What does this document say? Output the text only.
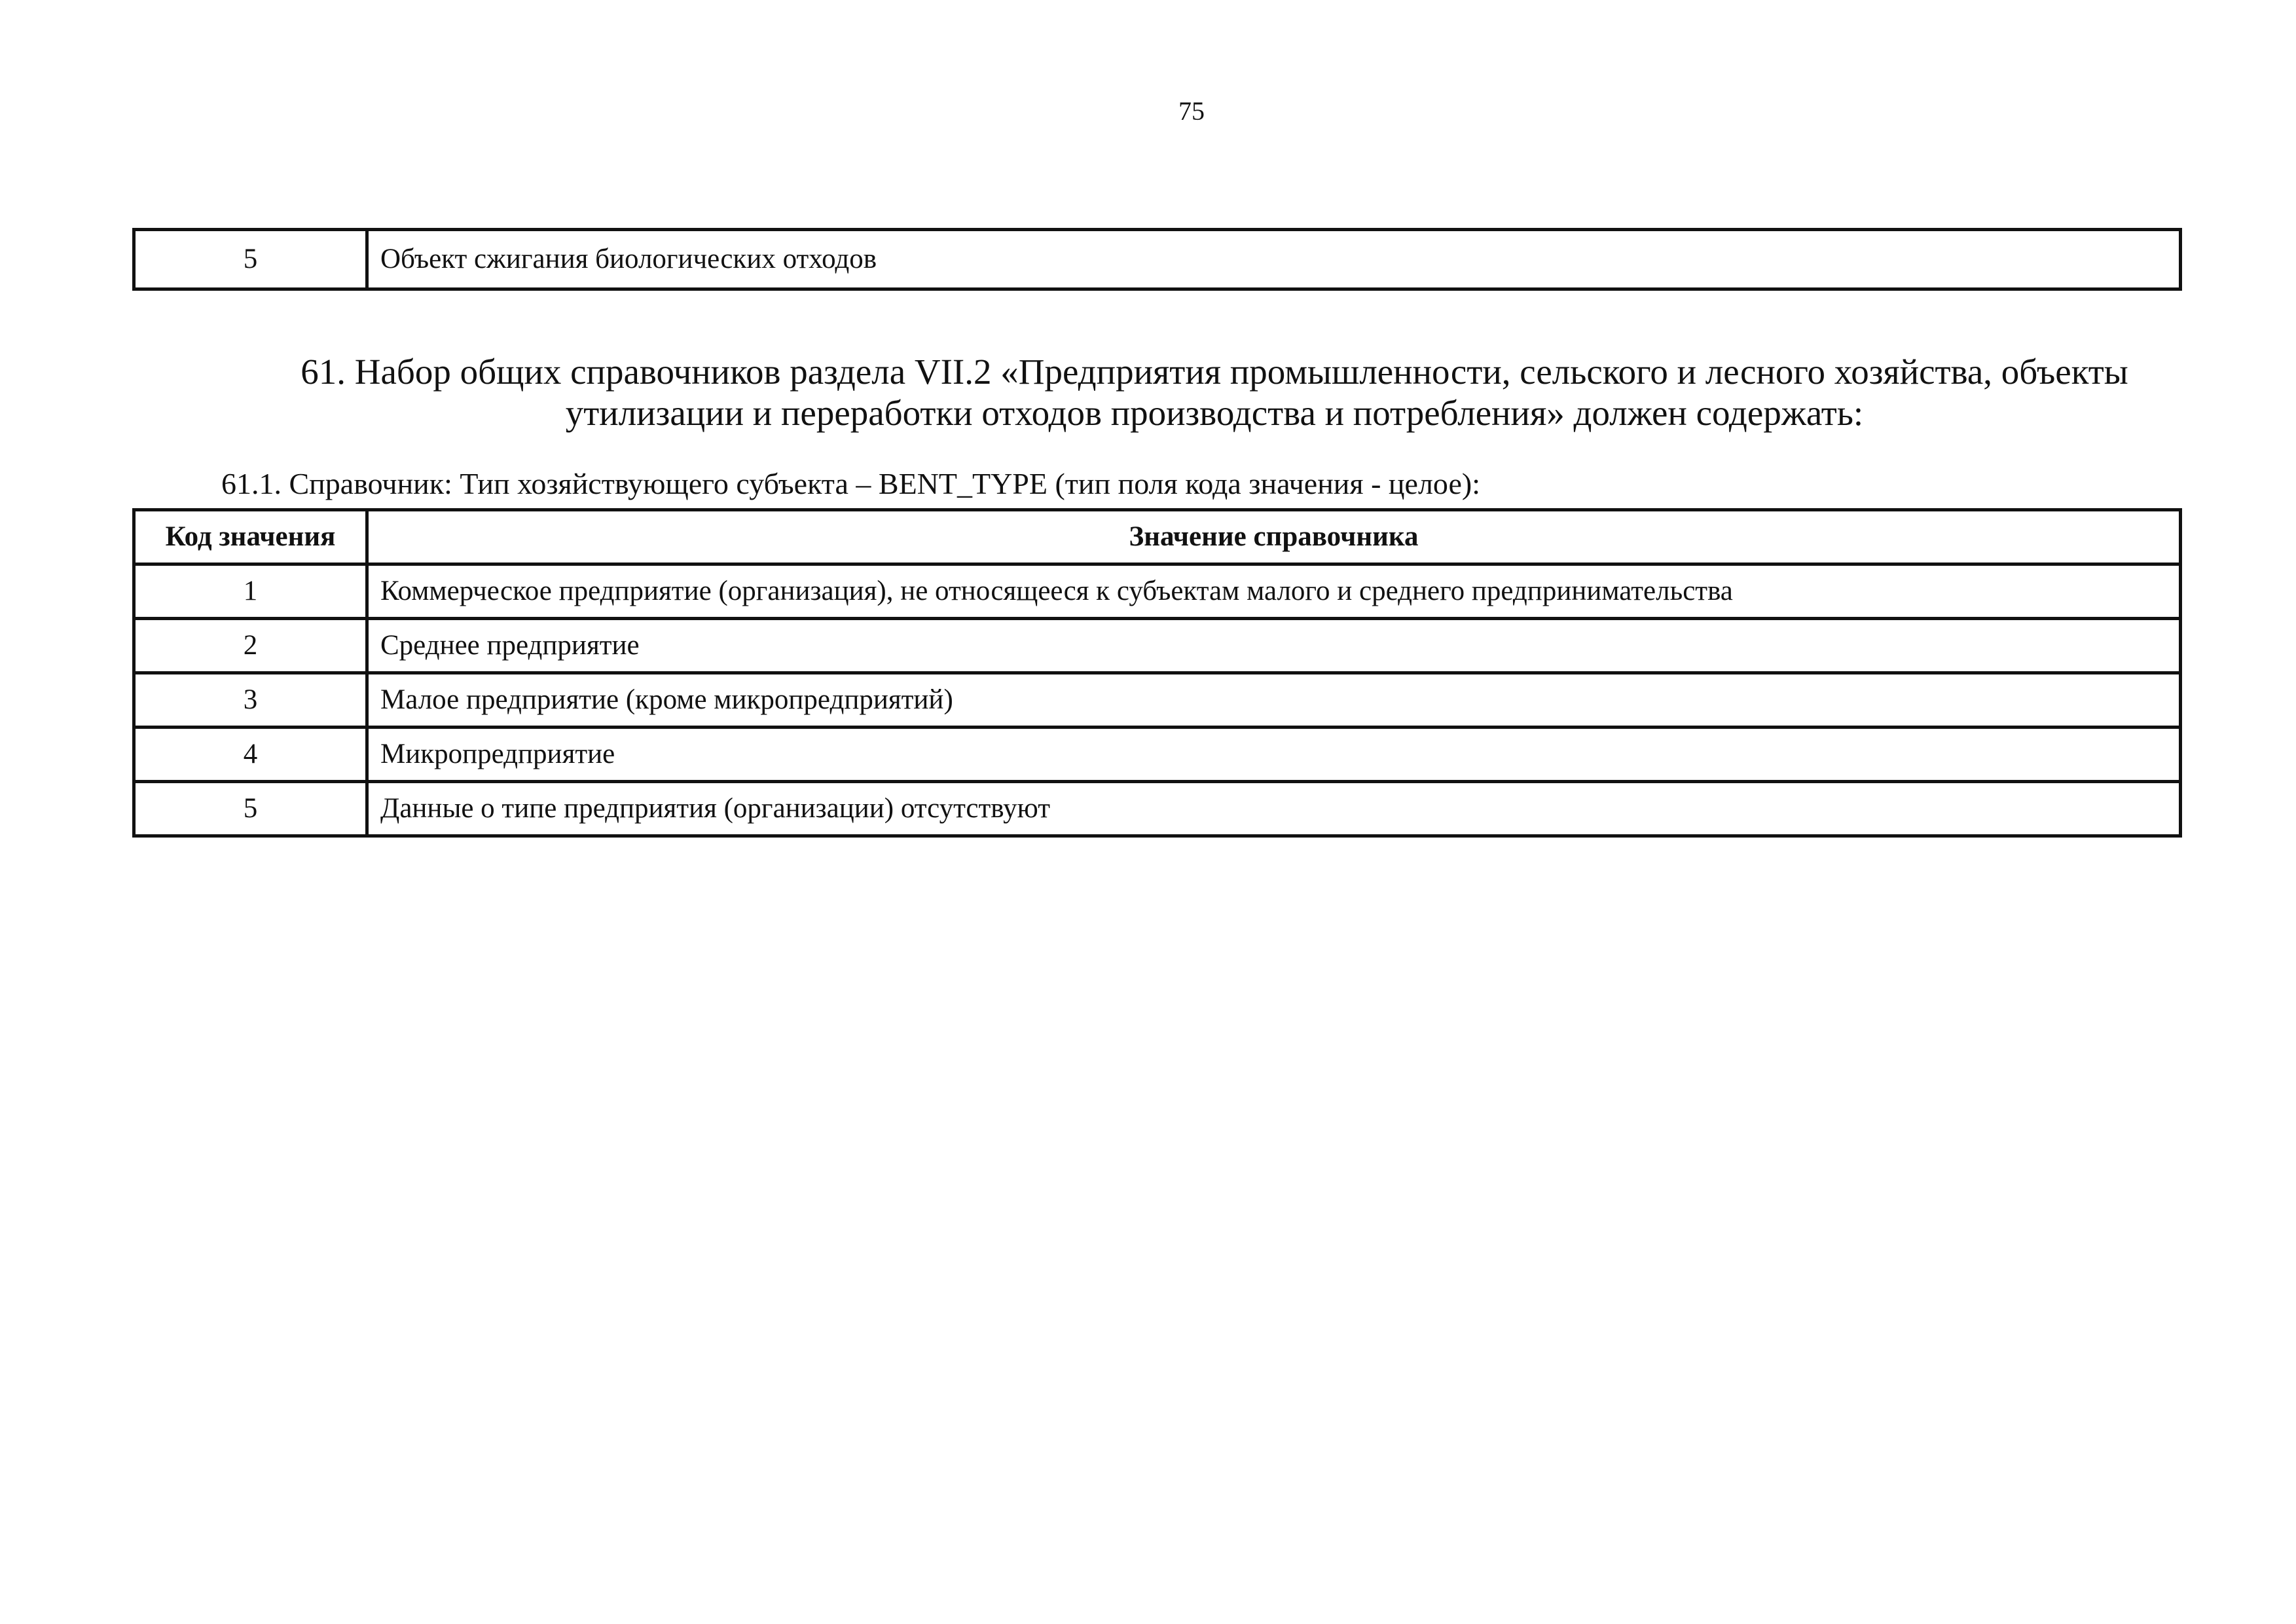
75
5	Объект сжигания биологических отходов
61. Набор общих справочников раздела VII.2 «Предприятия промышленности, сельского и лесного хозяйства, объекты утилизации и переработки отходов производства и потребления» должен содержать:
61.1. Справочник: Тип хозяйствующего субъекта – BENT_TYPE (тип поля кода значения - целое):
Код значения	Значение справочника
1	Коммерческое предприятие (организация), не относящееся к субъектам малого и среднего предпринимательства
2	Среднее предприятие
3	Малое предприятие (кроме микропредприятий)
4	Микропредприятие
5	Данные о типе предприятия (организации) отсутствуют
